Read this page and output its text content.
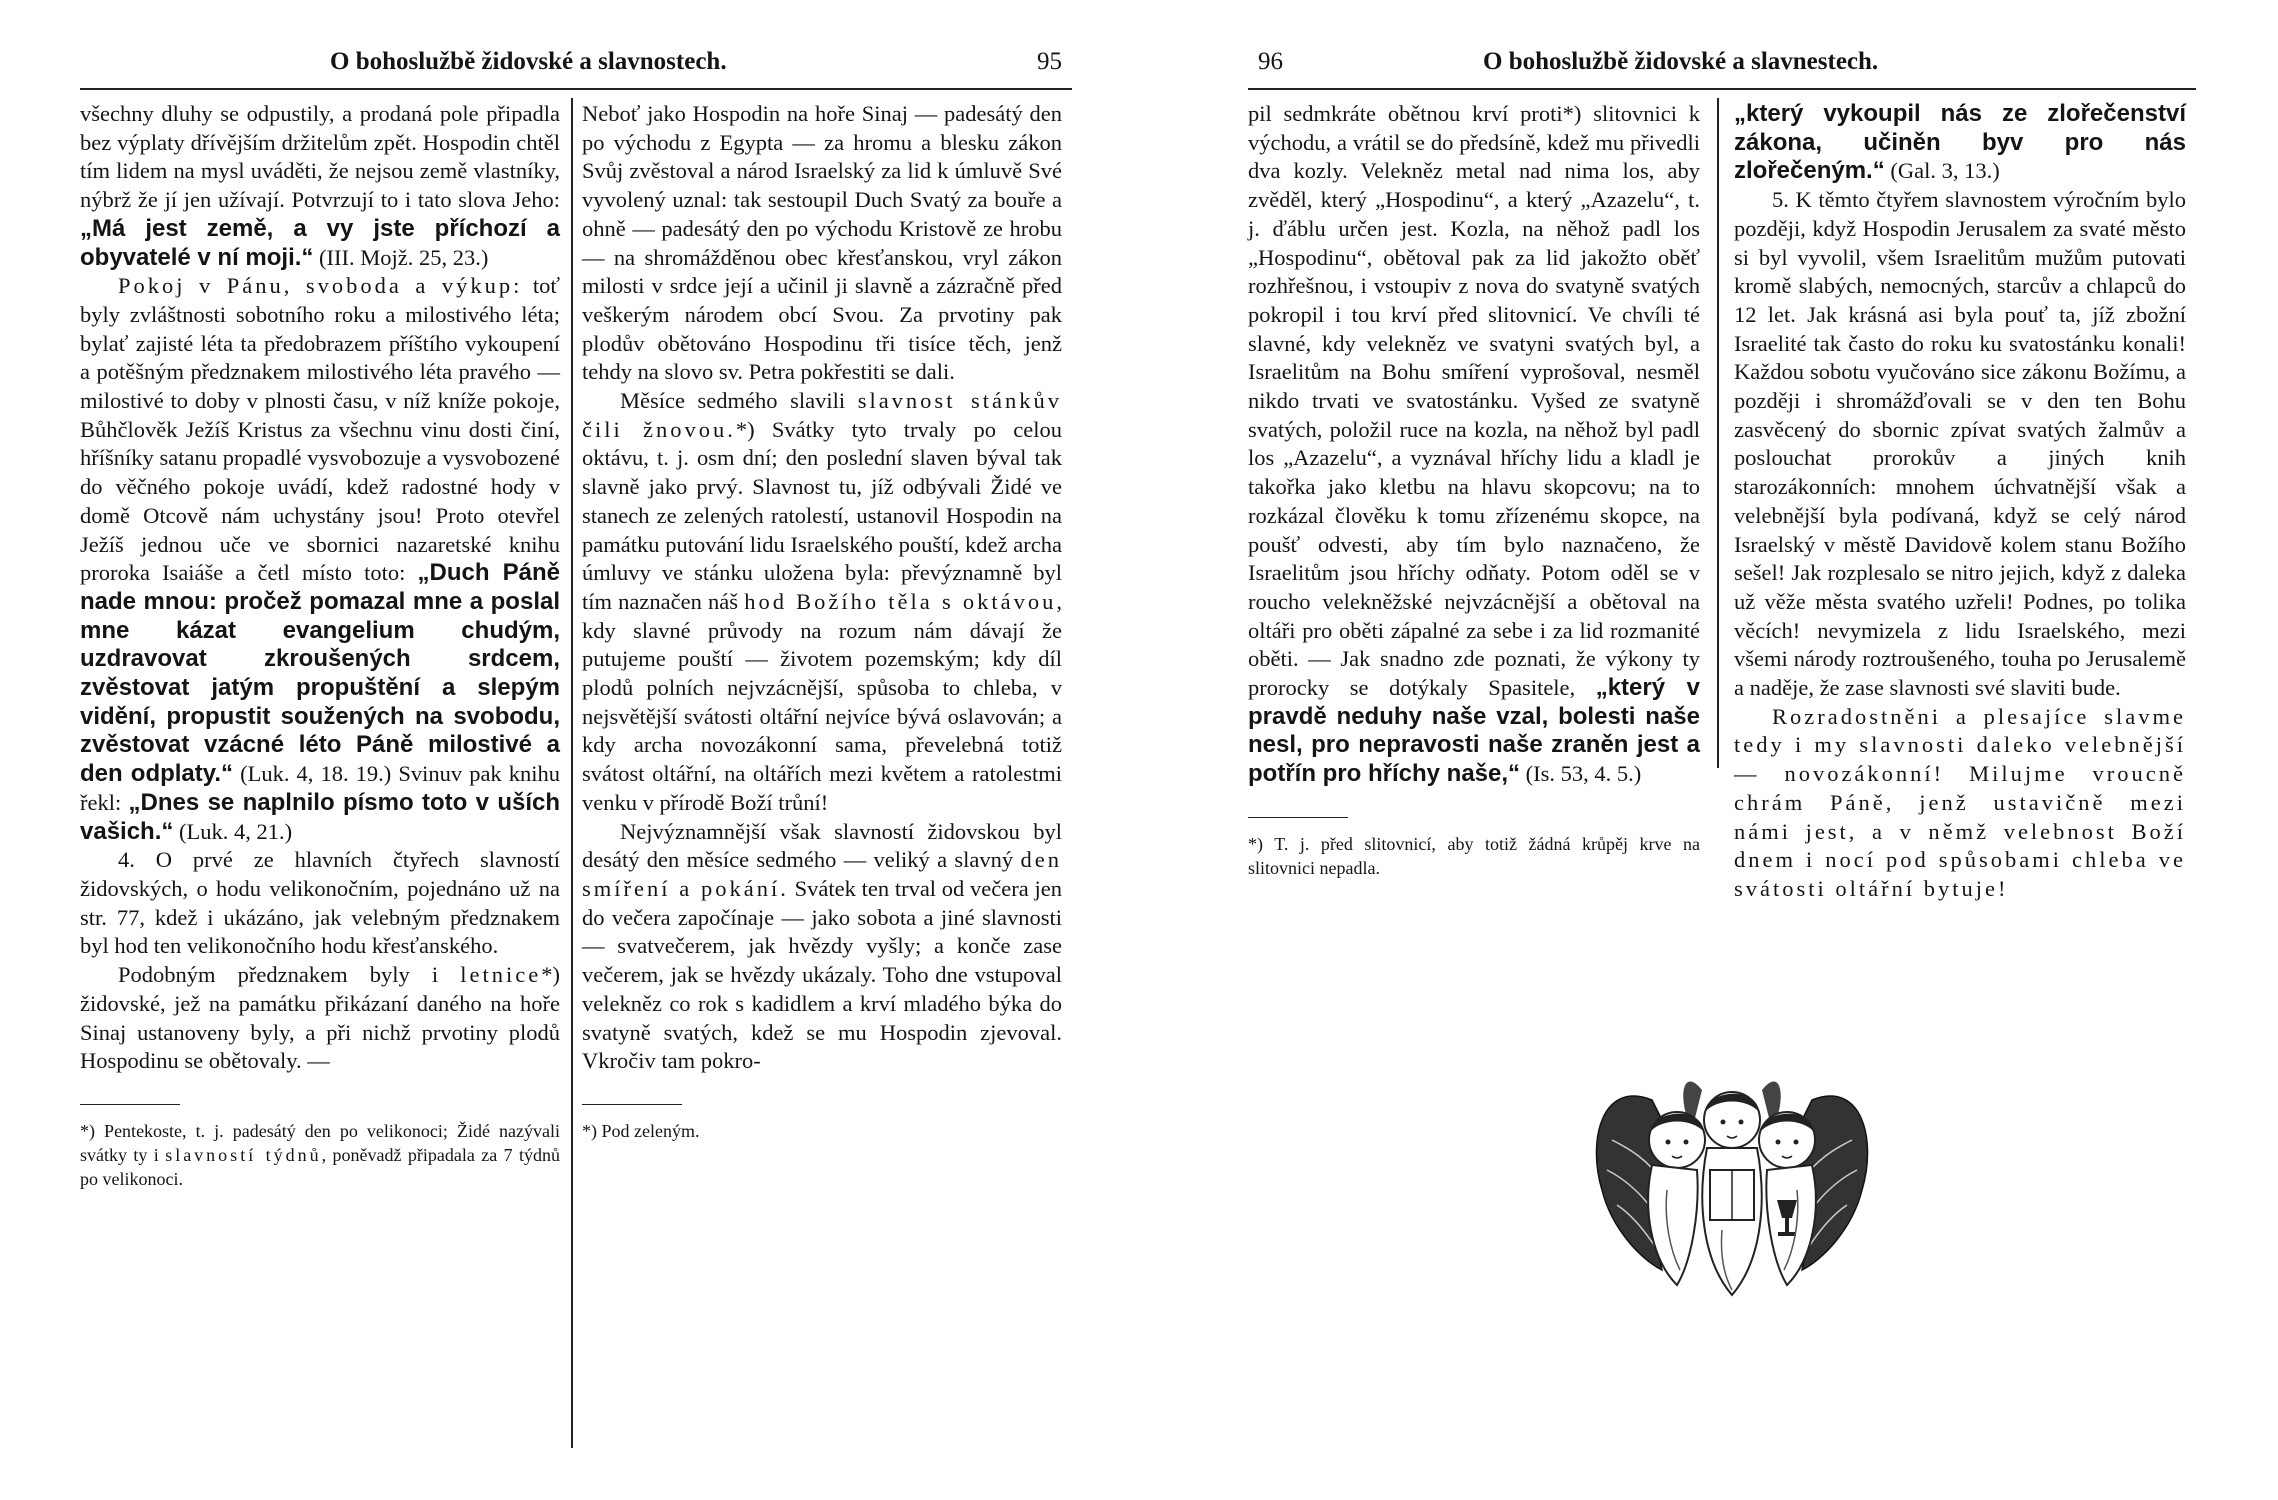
O bohoslužbě židovské a slavnostech.	95

všechny dluhy se odpustily, a prodaná pole připadla bez výplaty dřívějším držitelům zpět. Hospodin chtěl tím lidem na mysl uváděti, že nejsou země vlastníky, nýbrž že jí jen užívají. Potvrzují to i tato slova Jeho: „Má jest země, a vy jste příchozí a obyvatelé v ní moji.“ (III. Mojž. 25, 23.)

Pokoj v Pánu, svoboda a výkup: toť byly zvláštnosti sobotního roku a milostivého léta; bylať zajisté léta ta předobrazem příštího vykoupení a potěšným předznakem milostivého léta pravého — milostivé to doby v plnosti času, v níž kníže pokoje, Bůhčlověk Ježíš Kristus za všechnu vinu dosti činí, hříšníky satanu propadlé vysvobozuje a vysvobozené do věčného pokoje uvádí, kdež radostné hody v domě Otcově nám uchystány jsou! Proto otevřel Ježíš jednou uče ve sbornici nazaretské knihu proroka Isaiáše a četl místo toto: „Duch Páně nade mnou: pročež pomazal mne a poslal mne kázat evangelium chudým, uzdravovat zkroušených srdcem, zvěstovat jatým propuštění a slepým vidění, propustit soužených na svobodu, zvěstovat vzácné léto Páně milostivé a den odplaty.“ (Luk. 4, 18. 19.) Svinuv pak knihu řekl: „Dnes se naplnilo písmo toto v uších vašich.“ (Luk. 4, 21.)

4. O prvé ze hlavních čtyřech slavností židovských, o hodu velikonočním, pojednáno už na str. 77, kdež i ukázáno, jak velebným předznakem byl hod ten velikonočního hodu křesťanského.

Podobným předznakem byly i letnice*) židovské, jež na památku přikázaní daného na hoře Sinaj ustanoveny byly, a při nichž prvotiny plodů Hospodinu se obětovaly. —

*) Pentekoste, t. j. padesátý den po velikonoci; Židé nazývali svátky ty i slavností týdnů, poněvadž připadala za 7 týdnů po velikonoci.

Neboť jako Hospodin na hoře Sinaj — padesátý den po východu z Egypta — za hromu a blesku zákon Svůj zvěstoval a národ Israelský za lid k úmluvě Své vyvolený uznal: tak sestoupil Duch Svatý za bouře a ohně — padesátý den po východu Kristově ze hrobu — na shromážděnou obec křesťanskou, vryl zákon milosti v srdce její a učinil ji slavně a zázračně před veškerým národem obcí Svou. Za prvotiny pak plodův obětováno Hospodinu tři tisíce těch, jenž tehdy na slovo sv. Petra pokřestiti se dali.

Měsíce sedmého slavili slavnost stánkův čili žnovou.*) Svátky tyto trvaly po celou oktávu, t. j. osm dní; den poslední slaven býval tak slavně jako prvý. Slavnost tu, jíž odbývali Židé ve stanech ze zelených ratolestí, ustanovil Hospodin na památku putování lidu Israelského pouští, kdež archa úmluvy ve stánku uložena byla: převýznamně byl tím naznačen náš hod Božího těla s oktávou, kdy slavné průvody na rozum nám dávají že putujeme pouští — životem pozemským; kdy díl plodů polních nejvzácnější, spůsoba to chleba, v nejsvětější svátosti oltářní nejvíce bývá oslavován; a kdy archa novozákonní sama, převelebná totiž svátost oltářní, na oltářích mezi květem a ratolestmi venku v přírodě Boží trůní!

Nejvýznamnější však slavností židovskou byl desátý den měsíce sedmého — veliký a slavný den smíření a pokání. Svátek ten trval od večera jen do večera započínaje — jako sobota a jiné slavnosti — svatvečerem, jak hvězdy vyšly; a konče zase večerem, jak se hvězdy ukázaly. Toho dne vstupoval velekněz co rok s kadidlem a krví mladého býka do svatyně svatých, kdež se mu Hospodin zjevoval. Vkročiv tam pokro-

*) Pod zeleným.
96	O bohoslužbě židovské a slavnestech.

pil sedmkráte obětnou krví proti*) slitovnici k východu, a vrátil se do předsíně, kdež mu přivedli dva kozly. Velekněz metal nad nima los, aby zvěděl, který „Hospodinu“, a který „Azazelu“, t. j. ďáblu určen jest. Kozla, na něhož padl los „Hospodinu“, obětoval pak za lid jakožto oběť rozhřešnou, i vstoupiv z nova do svatyně svatých pokropil i tou krví před slitovnicí. Ve chvíli té slavné, kdy velekněz ve svatyni svatých byl, a Israelitům na Bohu smíření vyprošoval, nesměl nikdo trvati ve svatostánku. Vyšed ze svatyně svatých, položil ruce na kozla, na něhož byl padl los „Azazelu“, a vyznával hříchy lidu a kladl je takořka jako kletbu na hlavu skopcovu; na to rozkázal člověku k tomu zřízenému skopce, na poušť odvesti, aby tím bylo naznačeno, že Israelitům jsou hříchy odňaty. Potom oděl se v roucho velekněžské nejvzácnější a obětoval na oltáři pro oběti zápalné za sebe i za lid rozmanité oběti. — Jak snadno zde poznati, že výkony ty prorocky se dotýkaly Spasitele, „který v pravdě neduhy naše vzal, bolesti naše nesl, pro nepravosti naše zraněn jest a potřín pro hříchy naše,“ (Is. 53, 4. 5.)

*) T. j. před slitovnicí, aby totiž žádná krůpěj krve na slitovnici nepadla.

„který vykoupil nás ze zlořečenství zákona, učiněn byv pro nás zlořečeným.“ (Gal. 3, 13.)

5. K těmto čtyřem slavnostem výročním bylo později, když Hospodin Jerusalem za svaté město si byl vyvolil, všem Israelitům mužům putovati kromě slabých, nemocných, starcův a chlapců do 12 let. Jak krásná asi byla pouť ta, jíž zbožní Israelité tak často do roku ku svatostánku konali! Každou sobotu vyučováno sice zákonu Božímu, a později i shromážďovali se v den ten Bohu zasvěcený do sbornic zpívat svatých žalmův a poslouchat prorokův a jiných knih starozákonních: mnohem úchvatnější však a velebnější byla podívaná, když se celý národ Israelský v městě Davidově kolem stanu Božího sešel! Jak rozplesalo se nitro jejich, když z daleka už věže města svatého uzřeli! Podnes, po tolika věcích! nevymizela z lidu Israelského, mezi všemi národy roztroušeného, touha po Jerusalemě a naděje, že zase slavnosti své slaviti bude.

Rozradostněni a plesajíce slavme tedy i my slavnosti daleko velebnější — novozákonní! Milujme vroucně chrám Páně, jenž ustavičně mezi námi jest, a v němž velebnost Boží dnem i nocí pod spůsobami chleba ve svátosti oltářní bytuje!
